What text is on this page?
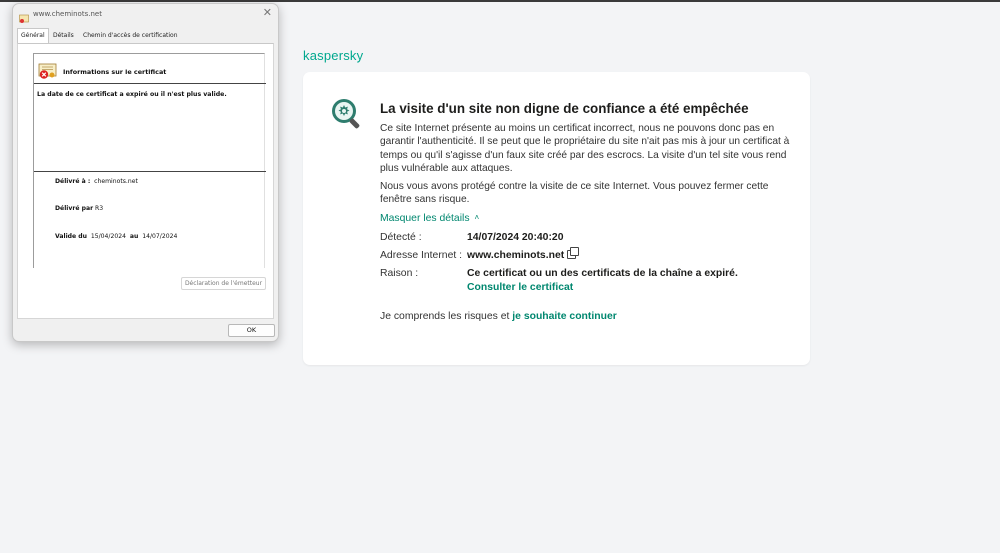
kaspersky
La visite d'un site non digne de confiance a été empêchée
Ce site Internet présente au moins un certificat incorrect, nous ne pouvons donc pas en garantir l'authenticité. Il se peut que le propriétaire du site n'ait pas mis à jour un certificat à temps ou qu'il s'agisse d'un faux site créé par des escrocs. La visite d'un tel site vous rend plus vulnérable aux attaques.
Nous vous avons protégé contre la visite de ce site Internet. Vous pouvez fermer cette fenêtre sans risque.
Masquer les détails ˄
Détecté :	14/07/2024 20:40:20
Adresse Internet : www.cheminots.net
Raison :	Ce certificat ou un des certificats de la chaîne a expiré.
Consulter le certificat
Je comprends les risques et je souhaite continuer
www.cheminots.net	✕
Général	Détails	Chemin d'accès de certification
Informations sur le certificat
La date de ce certificat a expiré ou il n'est plus valide.
Délivré à : cheminots.net
Délivré par R3
Valide du 15/04/2024 au 14/07/2024
Déclaration de l'émetteur
OK
